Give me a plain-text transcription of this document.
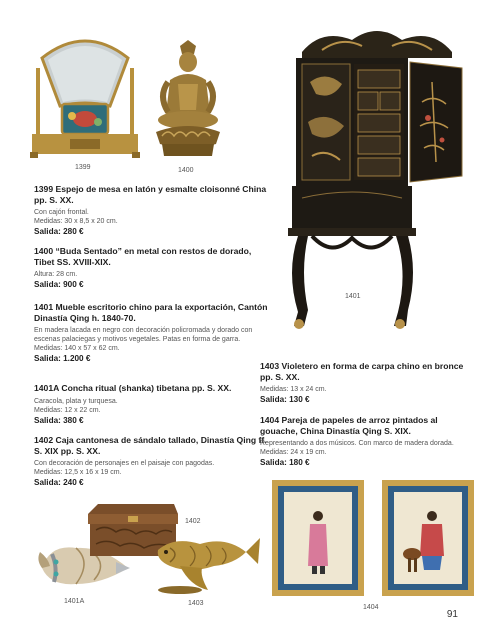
1399	1400
1401
1404
1401A
1402
1403
1399 Espejo de mesa en latón y esmalte cloisonné China pp. S. XX.
Con cajón frontal.
Medidas: 30 x 8,5 x 20 cm.
Salida: 280 €
1400 “Buda Sentado” en metal con restos de dorado, Tibet SS. XVIII-XIX.
Altura: 28 cm.
Salida: 900 €
1401 Mueble escritorio chino para la exportación, Cantón Dinastía Qing h. 1840-70.
En madera lacada en negro con decoración policromada y dorado con escenas palaciegas y motivos vegetales. Patas en forma de garra.
Medidas: 140 x 57 x 62 cm.
Salida: 1.200 €
1401A Concha ritual (shanka) tibetana pp. S. XX.
Caracola, plata y turquesa.
Medidas: 12 x 22 cm.
Salida: 380 €
1402 Caja cantonesa de sándalo tallado, Dinastía Qing ff. S. XIX pp. S. XX.
Con decoración de personajes en el paisaje con pagodas.
Medidas: 12,5 x 16 x 19 cm.
Salida: 240 €
1403 Violetero en forma de carpa chino en bronce pp. S. XX.
Medidas: 13 x 24 cm.
Salida: 130 €
1404 Pareja de papeles de arroz pintados al gouache, China Dinastía Qing S. XIX.
Representando a dos músicos. Con marco de madera dorada.
Medidas: 24 x 19 cm.
Salida: 180 €
91
